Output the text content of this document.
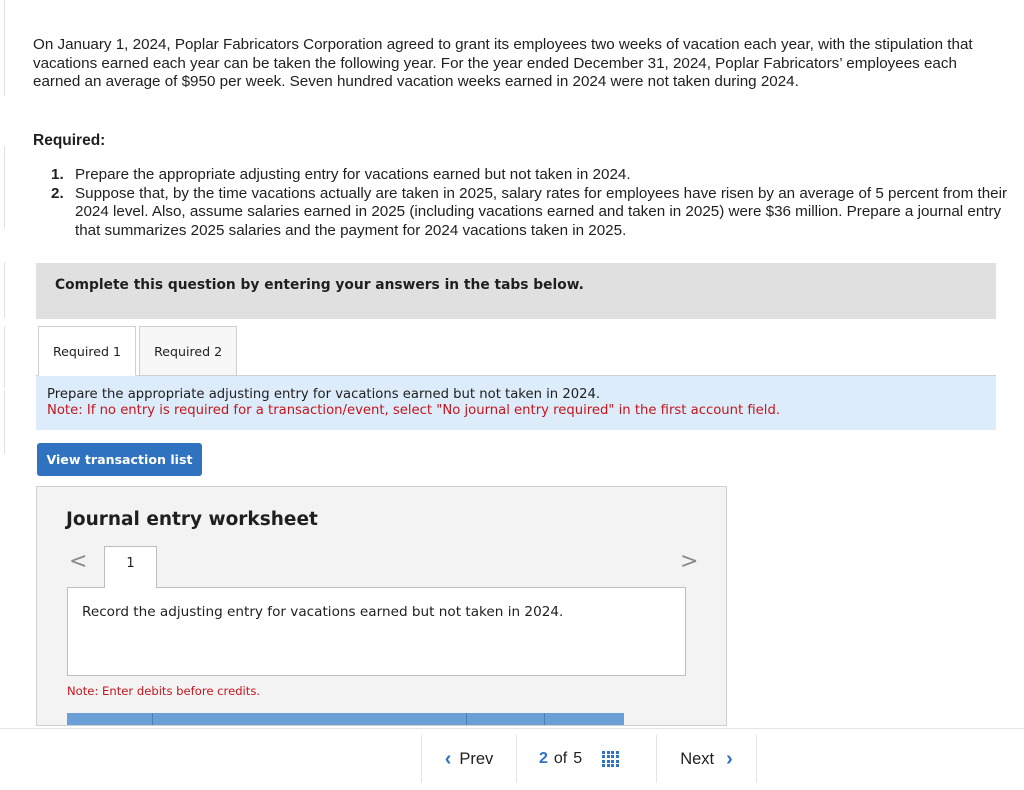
On January 1, 2024, Poplar Fabricators Corporation agreed to grant its employees two weeks of vacation each year, with the stipulation that vacations earned each year can be taken the following year. For the year ended December 31, 2024, Poplar Fabricators’ employees each earned an average of $950 per week. Seven hundred vacation weeks earned in 2024 were not taken during 2024.
Required:
1. Prepare the appropriate adjusting entry for vacations earned but not taken in 2024.
2. Suppose that, by the time vacations actually are taken in 2025, salary rates for employees have risen by an average of 5 percent from their 2024 level. Also, assume salaries earned in 2025 (including vacations earned and taken in 2025) were $36 million. Prepare a journal entry that summarizes 2025 salaries and the payment for 2024 vacations taken in 2025.
Complete this question by entering your answers in the tabs below.
Required 1	Required 2
Prepare the appropriate adjusting entry for vacations earned but not taken in 2024.
Note: If no entry is required for a transaction/event, select "No journal entry required" in the first account field.
View transaction list
Journal entry worksheet
<	>
1
Record the adjusting entry for vacations earned but not taken in 2024.
Note: Enter debits before credits.
‹ Prev	2 of 5	Next ›
